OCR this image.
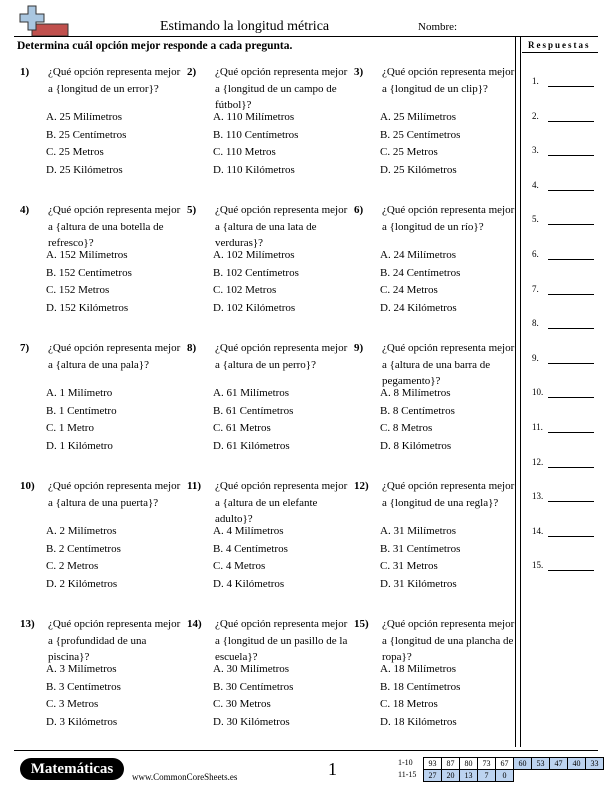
Estimando la longitud métrica	Nombre:
Determina cuál opción mejor responde a cada pregunta.	Respuestas
1.
2.
3.
4.
5.
6.
7.
8.
9.
10.
11.
12.
13.
14.
15.
1) ¿Qué opción representa mejor a {longitud de un error}?
A. 25 Milímetros
B. 25 Centímetros
C. 25 Metros
D. 25 Kilómetros
2) ¿Qué opción representa mejor a {longitud de un campo de fútbol}?
A. 110 Milímetros
B. 110 Centímetros
C. 110 Metros
D. 110 Kilómetros
3) ¿Qué opción representa mejor a {longitud de un clip}?
A. 25 Milímetros
B. 25 Centímetros
C. 25 Metros
D. 25 Kilómetros
4) ¿Qué opción representa mejor a {altura de una botella de refresco}?
A. 152 Milímetros
B. 152 Centímetros
C. 152 Metros
D. 152 Kilómetros
5) ¿Qué opción representa mejor a {altura de una lata de verduras}?
A. 102 Milímetros
B. 102 Centímetros
C. 102 Metros
D. 102 Kilómetros
6) ¿Qué opción representa mejor a {longitud de un río}?
A. 24 Milímetros
B. 24 Centímetros
C. 24 Metros
D. 24 Kilómetros
7) ¿Qué opción representa mejor a {altura de una pala}?
A. 1 Milímetro
B. 1 Centímetro
C. 1 Metro
D. 1 Kilómetro
8) ¿Qué opción representa mejor a {altura de un perro}?
A. 61 Milímetros
B. 61 Centímetros
C. 61 Metros
D. 61 Kilómetros
9) ¿Qué opción representa mejor a {altura de una barra de pegamento}?
A. 8 Milímetros
B. 8 Centímetros
C. 8 Metros
D. 8 Kilómetros
10) ¿Qué opción representa mejor a {altura de una puerta}?
A. 2 Milímetros
B. 2 Centímetros
C. 2 Metros
D. 2 Kilómetros
11) ¿Qué opción representa mejor a {altura de un elefante adulto}?
A. 4 Milímetros
B. 4 Centímetros
C. 4 Metros
D. 4 Kilómetros
12) ¿Qué opción representa mejor a {longitud de una regla}?
A. 31 Milímetros
B. 31 Centímetros
C. 31 Metros
D. 31 Kilómetros
13) ¿Qué opción representa mejor a {profundidad de una piscina}?
A. 3 Milímetros
B. 3 Centímetros
C. 3 Metros
D. 3 Kilómetros
14) ¿Qué opción representa mejor a {longitud de un pasillo de la escuela}?
A. 30 Milímetros
B. 30 Centímetros
C. 30 Metros
D. 30 Kilómetros
15) ¿Qué opción representa mejor a {longitud de una plancha de ropa}?
A. 18 Milímetros
B. 18 Centímetros
C. 18 Metros
D. 18 Kilómetros
Matemáticas	www.CommonCoreSheets.es	1	1-10	93	87	80	73	67	60	53	47	40	33
11-15	27	20	13	7	0
